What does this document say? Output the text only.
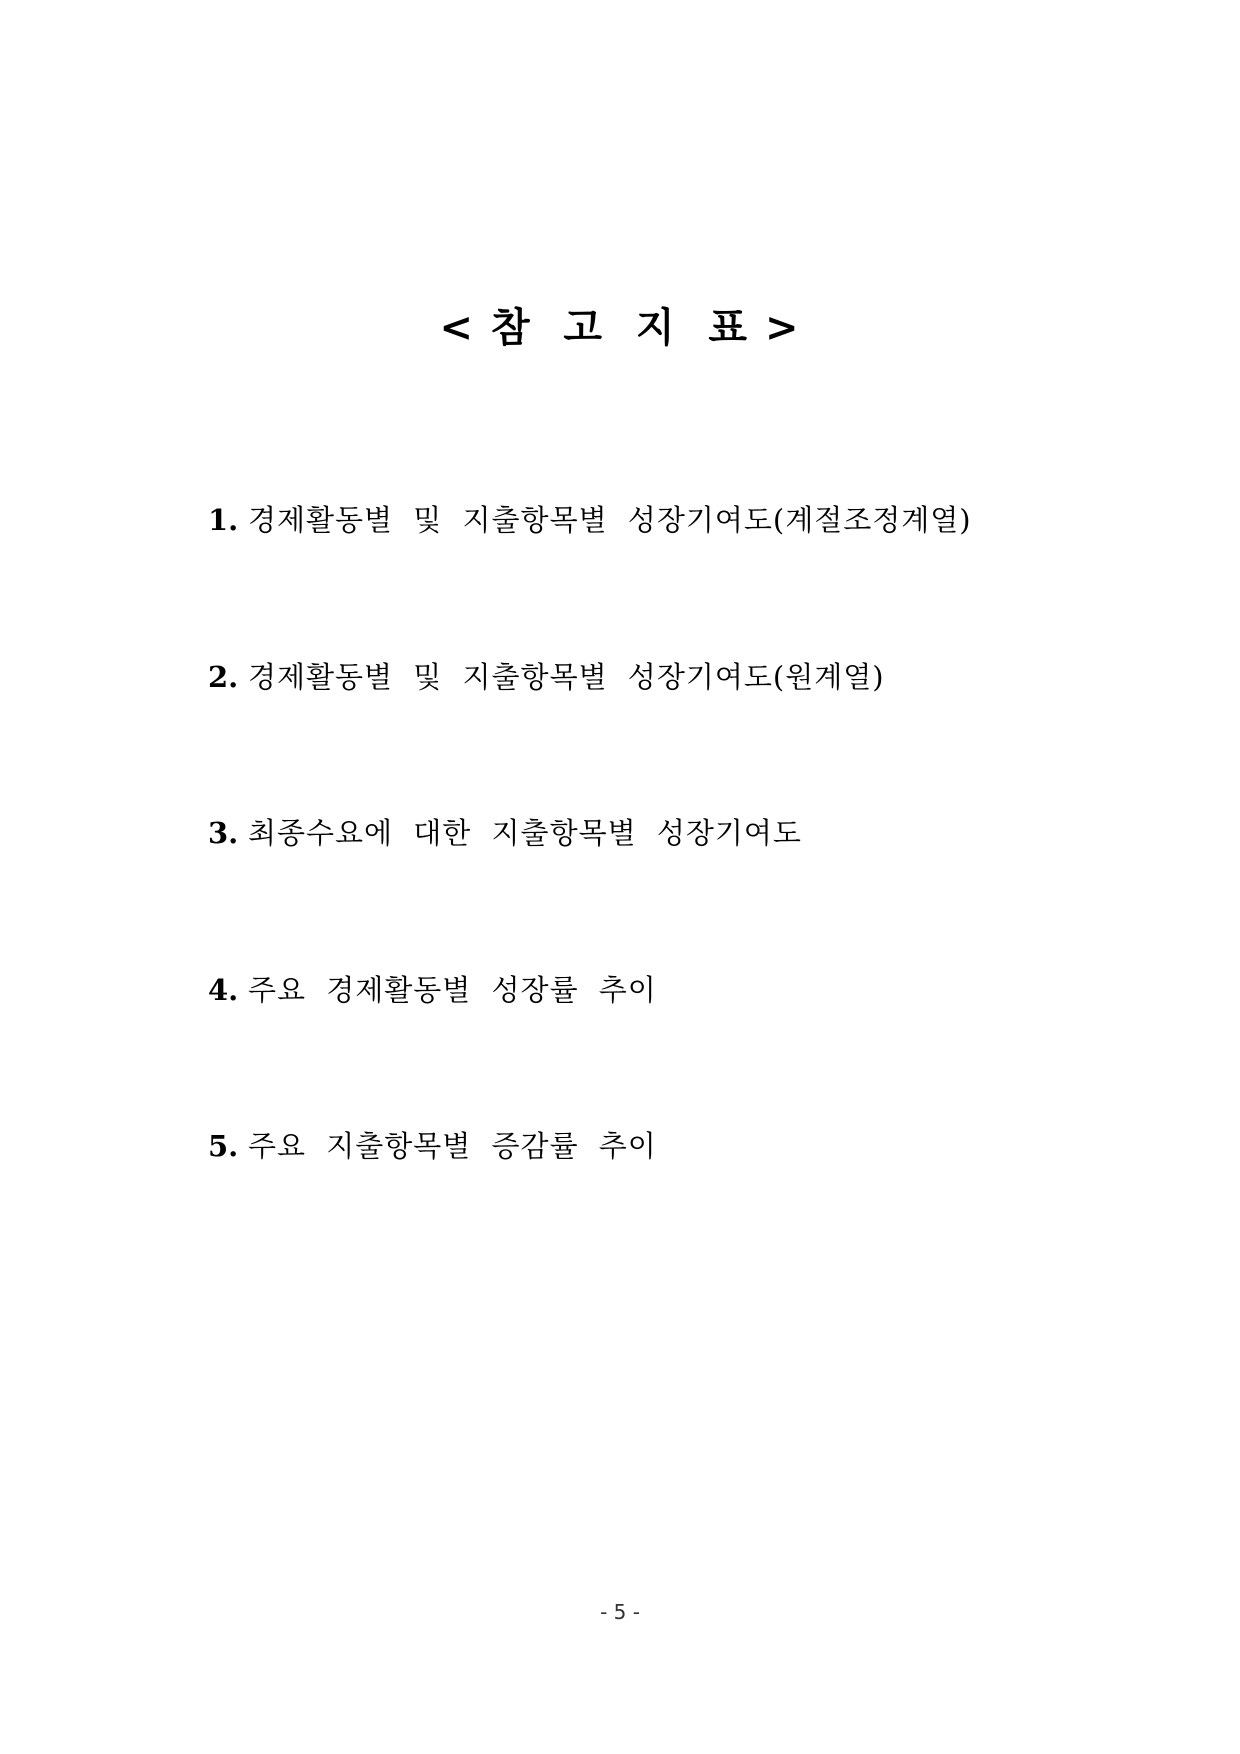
< 참  고  지  표 >
1. 경제활동별 및 지출항목별 성장기여도(계절조정계열)
2. 경제활동별 및 지출항목별 성장기여도(원계열)
3. 최종수요에 대한 지출항목별 성장기여도
4. 주요 경제활동별 성장률 추이
5. 주요 지출항목별 증감률 추이
- 5 -
